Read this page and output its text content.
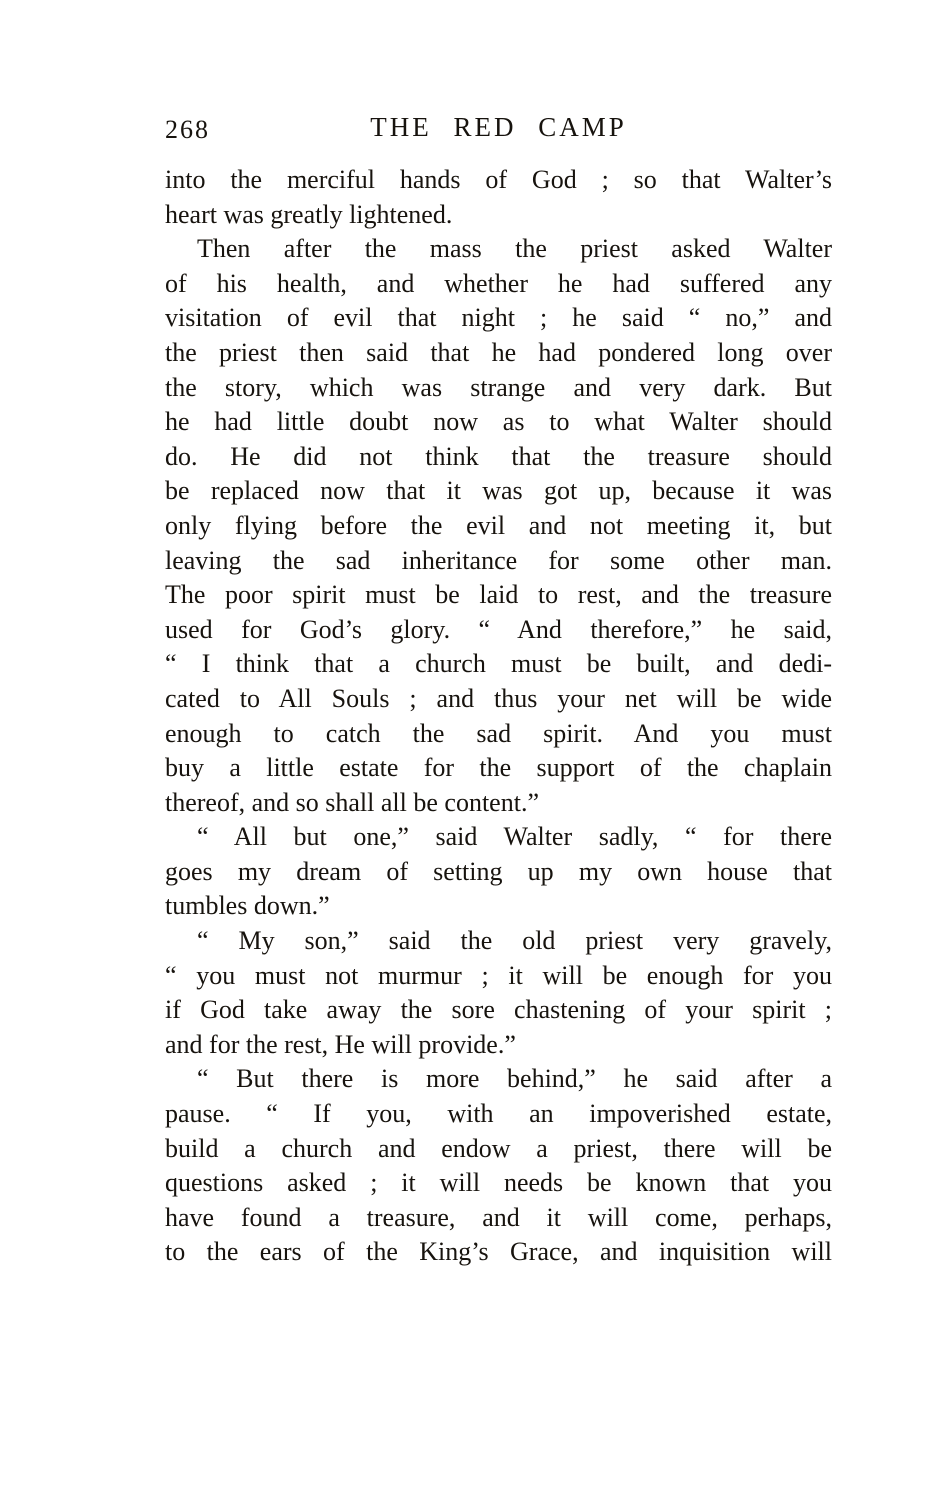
268	THE RED CAMP
into the merciful hands of God ; so that Walter’s
heart was greatly lightened.
Then after the mass the priest asked Walter
of his health, and whether he had suffered any
visitation of evil that night ; he said “ no,” and
the priest then said that he had pondered long over
the story, which was strange and very dark. But
he had little doubt now as to what Walter should
do. He did not think that the treasure should
be replaced now that it was got up, because it was
only flying before the evil and not meeting it, but
leaving the sad inheritance for some other man.
The poor spirit must be laid to rest, and the treasure
used for God’s glory. “ And therefore,” he said,
“ I think that a church must be built, and dedi-
cated to All Souls ; and thus your net will be wide
enough to catch the sad spirit. And you must
buy a little estate for the support of the chaplain
thereof, and so shall all be content.”
“ All but one,” said Walter sadly, “ for there
goes my dream of setting up my own house that
tumbles down.”
“ My son,” said the old priest very gravely,
“ you must not murmur ; it will be enough for you
if God take away the sore chastening of your spirit ;
and for the rest, He will provide.”
“ But there is more behind,” he said after a
pause. “ If you, with an impoverished estate,
build a church and endow a priest, there will be
questions asked ; it will needs be known that you
have found a treasure, and it will come, perhaps,
to the ears of the King’s Grace, and inquisition will
